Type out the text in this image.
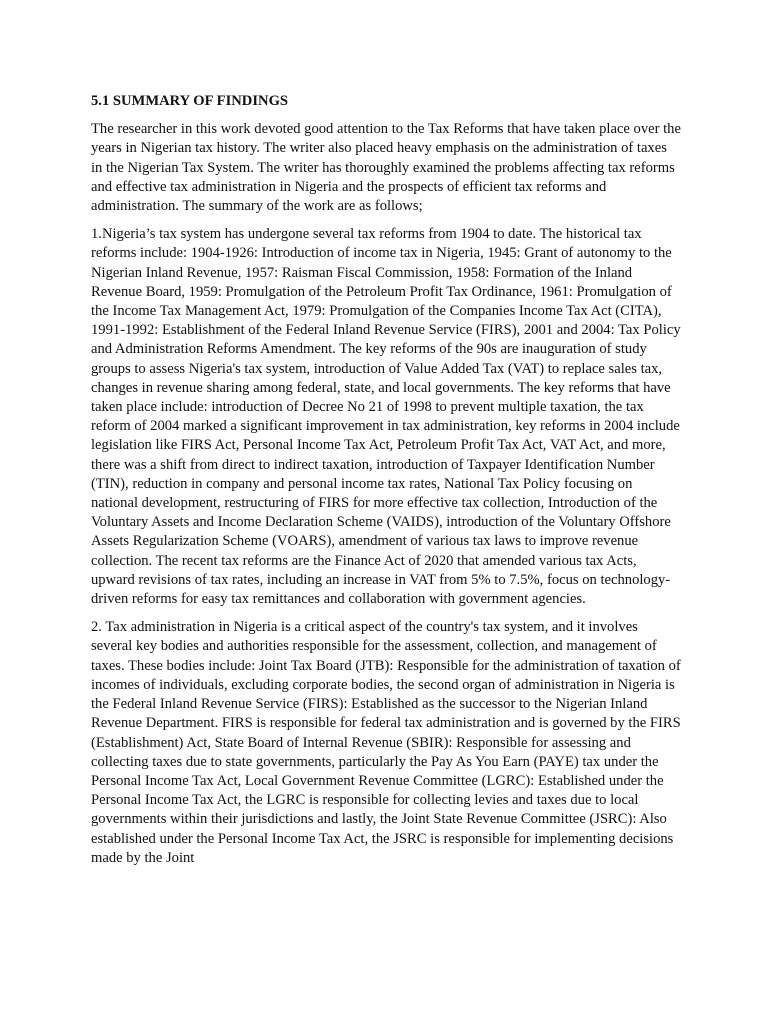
5.1 SUMMARY OF FINDINGS

The researcher in this work devoted good attention to the Tax Reforms that have taken place over the years in Nigerian tax history. The writer also placed heavy emphasis on the administration of taxes in the Nigerian Tax System. The writer has thoroughly examined the problems affecting tax reforms and effective tax administration in Nigeria and the prospects of efficient tax reforms and administration. The summary of the work are as follows;

1.Nigeria’s tax system has undergone several tax reforms from 1904 to date. The historical tax reforms include: 1904-1926: Introduction of income tax in Nigeria, 1945: Grant of autonomy to the Nigerian Inland Revenue, 1957: Raisman Fiscal Commission, 1958: Formation of the Inland Revenue Board, 1959: Promulgation of the Petroleum Profit Tax Ordinance, 1961: Promulgation of the Income Tax Management Act, 1979: Promulgation of the Companies Income Tax Act (CITA), 1991-1992: Establishment of the Federal Inland Revenue Service (FIRS), 2001 and 2004: Tax Policy and Administration Reforms Amendment. The key reforms of the 90s are inauguration of study groups to assess Nigeria's tax system, introduction of Value Added Tax (VAT) to replace sales tax, changes in revenue sharing among federal, state, and local governments. The key reforms that have taken place include: introduction of Decree No 21 of 1998 to prevent multiple taxation, the tax reform of 2004 marked a significant improvement in tax administration, key reforms in 2004 include legislation like FIRS Act, Personal Income Tax Act, Petroleum Profit Tax Act, VAT Act, and more, there was a shift from direct to indirect taxation, introduction of Taxpayer Identification Number (TIN), reduction in company and personal income tax rates, National Tax Policy focusing on national development, restructuring of FIRS for more effective tax collection, Introduction of the Voluntary Assets and Income Declaration Scheme (VAIDS), introduction of the Voluntary Offshore Assets Regularization Scheme (VOARS), amendment of various tax laws to improve revenue collection. The recent tax reforms are the Finance Act of 2020 that amended various tax Acts, upward revisions of tax rates, including an increase in VAT from 5% to 7.5%, focus on technology-driven reforms for easy tax remittances and collaboration with government agencies.

2. Tax administration in Nigeria is a critical aspect of the country's tax system, and it involves several key bodies and authorities responsible for the assessment, collection, and management of taxes. These bodies include: Joint Tax Board (JTB): Responsible for the administration of taxation of incomes of individuals, excluding corporate bodies, the second organ of administration in Nigeria is the Federal Inland Revenue Service (FIRS): Established as the successor to the Nigerian Inland Revenue Department. FIRS is responsible for federal tax administration and is governed by the FIRS (Establishment) Act, State Board of Internal Revenue (SBIR): Responsible for assessing and collecting taxes due to state governments, particularly the Pay As You Earn (PAYE) tax under the Personal Income Tax Act, Local Government Revenue Committee (LGRC): Established under the Personal Income Tax Act, the LGRC is responsible for collecting levies and taxes due to local governments within their jurisdictions and lastly, the Joint State Revenue Committee (JSRC): Also established under the Personal Income Tax Act, the JSRC is responsible for implementing decisions made by the Joint
